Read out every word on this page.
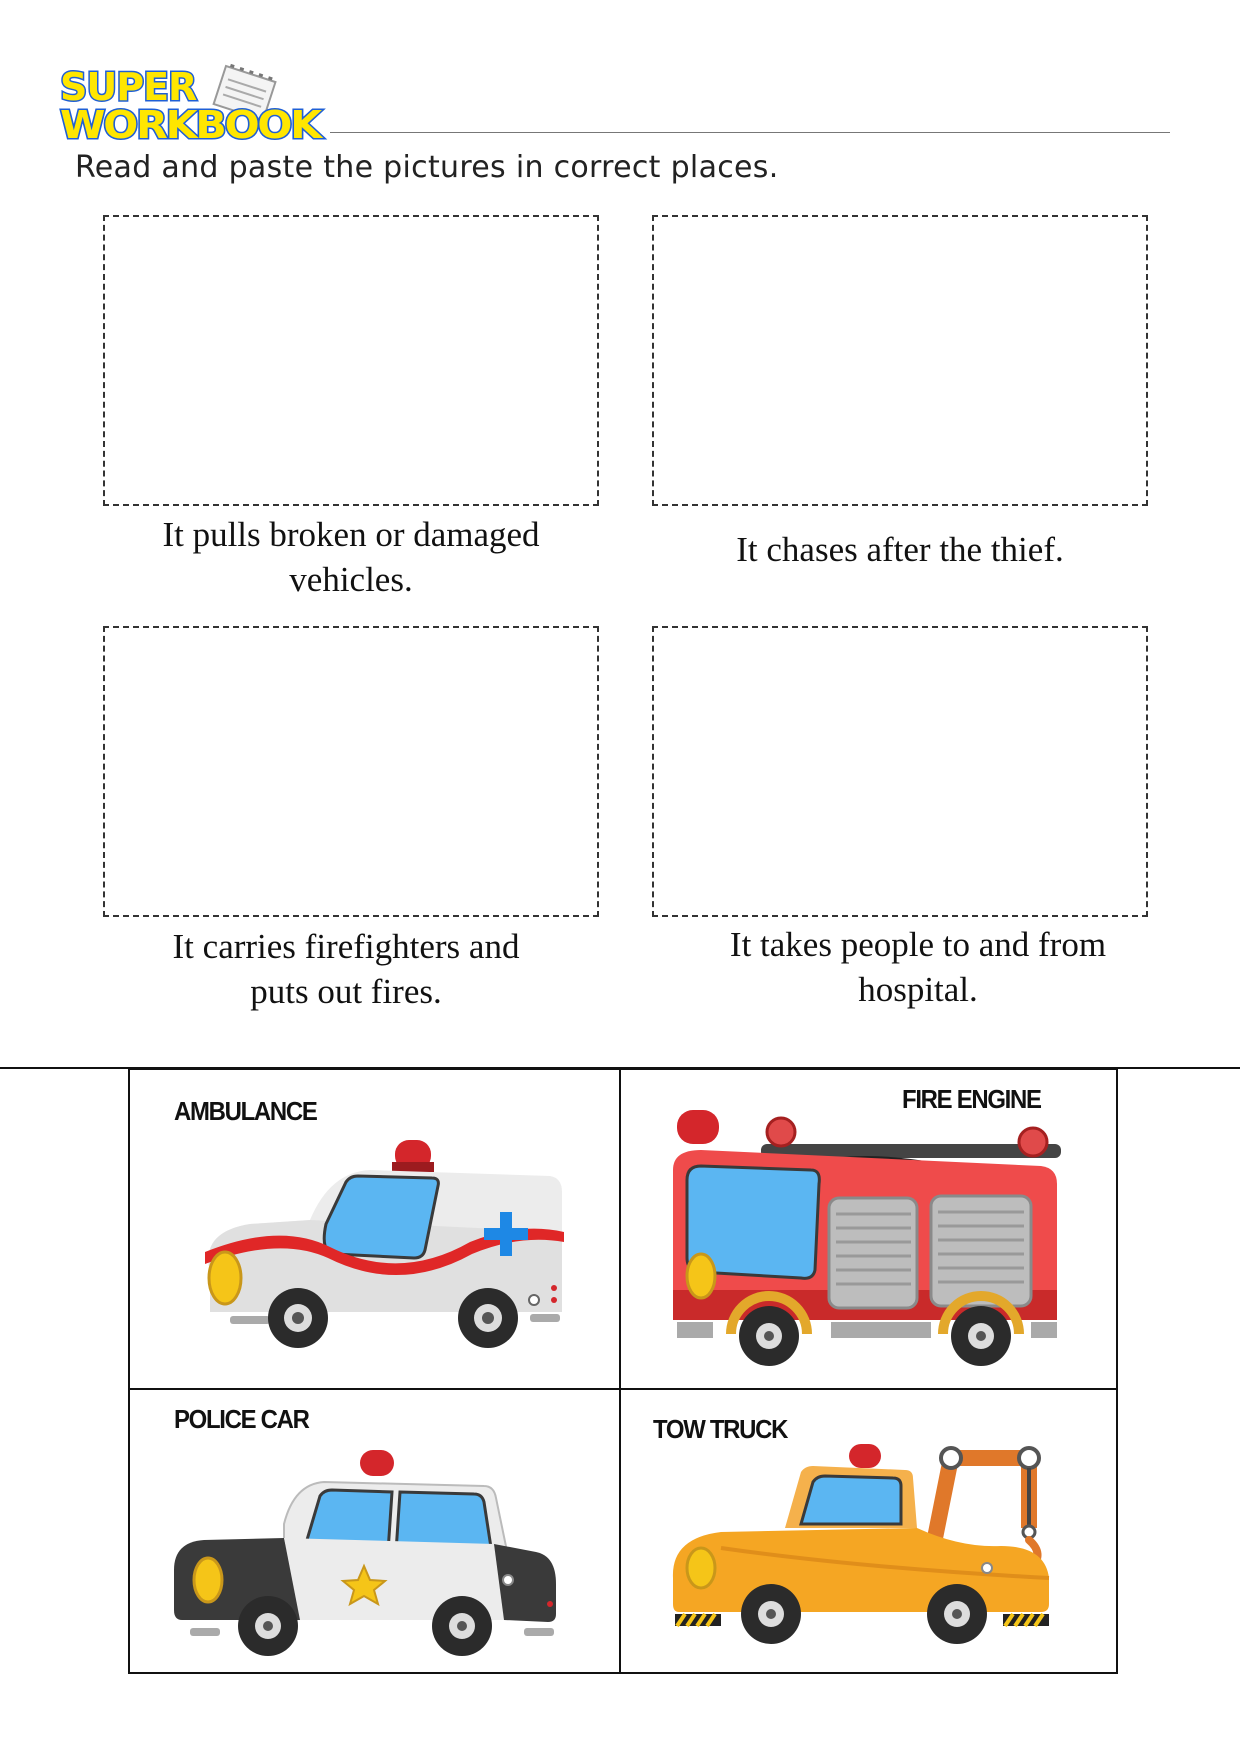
SUPER
WORKBOOK
Read and paste the pictures in correct places.
It pulls broken or damaged
vehicles.
It chases after the thief.
It carries firefighters and
puts out fires.
It takes people to and from
hospital.
AMBULANCE	FIRE ENGINE
POLICE CAR	TOW TRUCK
